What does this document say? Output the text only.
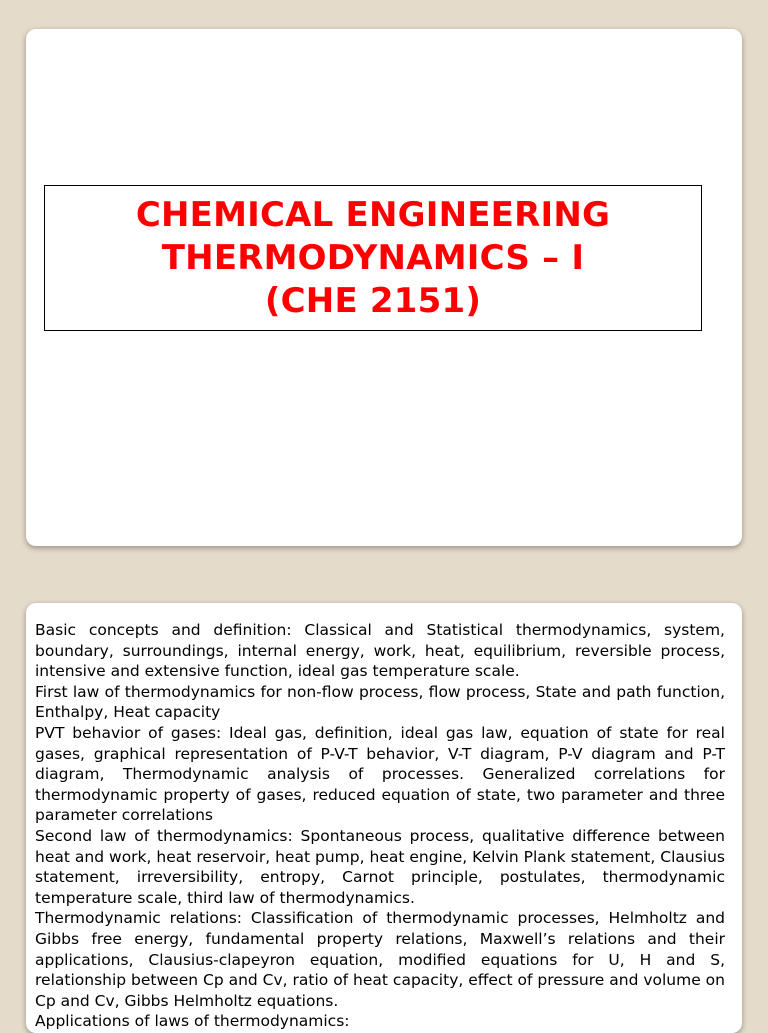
CHEMICAL ENGINEERING
THERMODYNAMICS – I
(CHE 2151)

Basic concepts and definition: Classical and Statistical thermodynamics, system, boundary, surroundings, internal energy, work, heat, equilibrium, reversible process, intensive and extensive function, ideal gas temperature scale.

First law of thermodynamics for non-flow process, flow process, State and path function, Enthalpy, Heat capacity

PVT behavior of gases: Ideal gas, definition, ideal gas law, equation of state for real gases, graphical representation of P-V-T behavior, V-T diagram, P-V diagram and P-T diagram, Thermodynamic analysis of processes. Generalized correlations for thermodynamic property of gases, reduced equation of state, two parameter and three parameter correlations

Second law of thermodynamics: Spontaneous process, qualitative difference between heat and work, heat reservoir, heat pump, heat engine, Kelvin Plank statement, Clausius statement, irreversibility, entropy, Carnot principle, postulates, thermodynamic temperature scale, third law of thermodynamics.

Thermodynamic relations: Classification of thermodynamic processes, Helmholtz and Gibbs free energy, fundamental property relations, Maxwell’s relations and their applications, Clausius-clapeyron equation, modified equations for U, H and S, relationship between Cp and Cv, ratio of heat capacity, effect of pressure and volume on Cp and Cv, Gibbs Helmholtz equations.

Applications of laws of thermodynamics:
